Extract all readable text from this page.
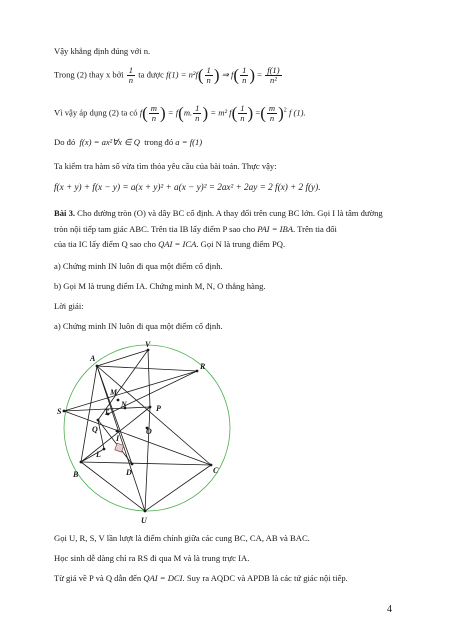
Vậy khẳng định đúng với n.
Trong (2) thay x bởi $\frac{1}{n}$ ta được $f(1) = n^2f( \frac{1}{n}$ ) ⇒ $f( \frac{1}{n}$ ) = $\frac{f(1)}{\text{n²}}$
Vì vậy áp dụng (2) ta có $f( \frac{m}{n}$ ) = f(m. $\frac{1}{n}$ ) = m² $f( \frac{1}{n}$ ) =( $\frac{m}{n} )^2$ f (1).
Do đó f(x) = ax²∀x ∈ Q trong đó a = f(1)
Ta kiểm tra hàm số vừa tìm thỏa yêu cầu của bài toán. Thực vậy:
f(x + y) + f(x − y) = a(x + y)² + a(x − y)² = 2ax² + 2ay = 2 f(x) + 2 f(y).
Bài 3. Cho đường tròn (O) và dây BC cố định. A thay đổi trên cung BC lớn. Gọi I là tâm đường
tròn nội tiếp tam giác ABC. Trên tia IB lấy điểm P sao cho PAI = IBA. Trên tia đối
của tia IC lấy điểm Q sao cho QAI = ICA. Gọi N là trung điểm PQ.
a) Chứng minh IN luôn đi qua một điểm cố định.
b) Gọi M là trung điểm IA. Chứng minh M, N, O thẳng hàng.
Lời giải:
a) Chứng minh IN luôn đi qua một điểm cố định.
A
V
R
M
N	P
T
S
Q
I
O
L
B	D	C
U
Gọi U, R, S, V lần lượt là điểm chính giữa các cung BC, CA, AB và BAC.
Học sinh dễ dàng chỉ ra RS đi qua M và là trung trực IA.
Từ giả về P và Q dẫn đến QAI = DCI. Suy ra AQDC và APDB là các tứ giác nội tiếp.
4
